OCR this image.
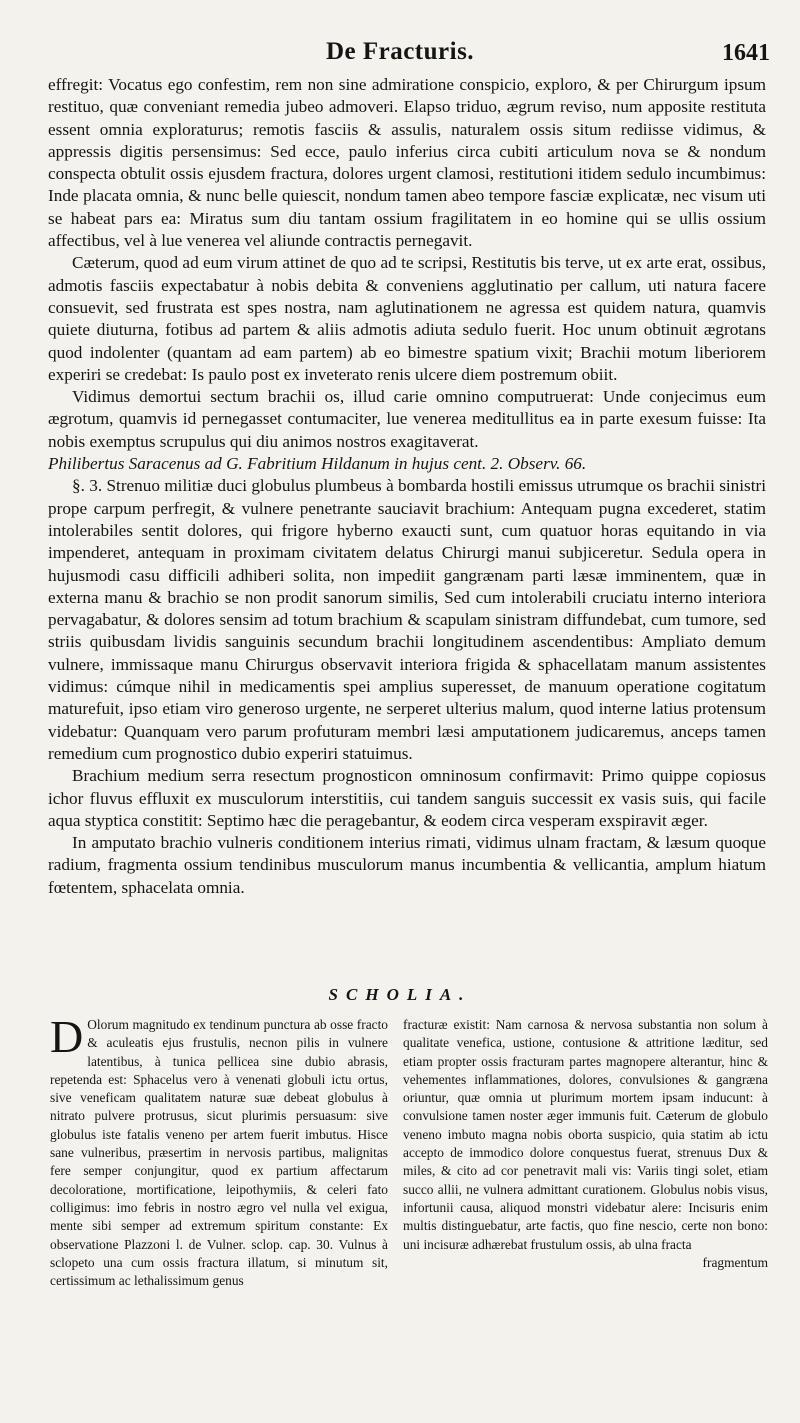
De Fracturis.	1641

effregit: Vocatus ego confestim, rem non sine admiratione conspicio, exploro, & per Chirurgum ipsum restituo, quæ conveniant remedia jubeo admoveri. Elapso triduo, ægrum reviso, num apposite restituta essent omnia exploraturus; remotis fasciis & assulis, naturalem ossis situm rediisse vidimus, & appressis digitis persensimus: Sed ecce, paulo inferius circa cubiti articulum nova se & nondum conspecta obtulit ossis ejusdem fractura, dolores urgent clamosi, restitutioni itidem sedulo incumbimus: Inde placata omnia, & nunc belle quiescit, nondum tamen abeo tempore fasciæ explicatæ, nec visum uti se habeat pars ea: Miratus sum diu tantam ossium fragilitatem in eo homine qui se ullis ossium affectibus, vel à lue venerea vel aliunde contractis pernegavit.

Cæterum, quod ad eum virum attinet de quo ad te scripsi, Restitutis bis terve, ut ex arte erat, ossibus, admotis fasciis expectabatur à nobis debita & conveniens agglutinatio per callum, uti natura facere consuevit, sed frustrata est spes nostra, nam aglutinationem ne agressa est quidem natura, quamvis quiete diuturna, fotibus ad partem & aliis admotis adiuta sedulo fuerit. Hoc unum obtinuit ægrotans quod indolenter (quantam ad eam partem) ab eo bimestre spatium vixit; Brachii motum liberiorem experiri se credebat: Is paulo post ex inveterato renis ulcere diem postremum obiit.

Vidimus demortui sectum brachii os, illud carie omnino computruerat: Unde conjecimus eum ægrotum, quamvis id pernegasset contumaciter, lue venerea meditullitus ea in parte exesum fuisse: Ita nobis exemptus scrupulus qui diu animos nostros exagitaverat.

Philibertus Saracenus ad G. Fabritium Hildanum in hujus cent. 2. Observ. 66.

§. 3. Strenuo militiæ duci globulus plumbeus à bombarda hostili emissus utrumque os brachii sinistri prope carpum perfregit, & vulnere penetrante sauciavit brachium: Antequam pugna excederet, statim intolerabiles sentit dolores, qui frigore hyberno exaucti sunt, cum quatuor horas equitando in via impenderet, antequam in proximam civitatem delatus Chirurgi manui subjiceretur. Sedula opera in hujusmodi casu difficili adhiberi solita, non impediit gangrænam parti læsæ imminentem, quæ in externa manu & brachio se non prodit sanorum similis, Sed cum intolerabili cruciatu interno interiora pervagabatur, & dolores sensim ad totum brachium & scapulam sinistram diffundebat, cum tumore, sed striis quibusdam lividis sanguinis secundum brachii longitudinem ascendentibus: Ampliato demum vulnere, immissaque manu Chirurgus observavit interiora frigida & sphacellatam manum assistentes vidimus: cúmque nihil in medicamentis spei amplius superesset, de manuum operatione cogitatum maturefuit, ipso etiam viro generoso urgente, ne serperet ulterius malum, quod interne latius protensum videbatur: Quanquam vero parum profuturam membri læsi amputationem judicaremus, anceps tamen remedium cum prognostico dubio experiri statuimus.

Brachium medium serra resectum prognosticon omninosum confirmavit: Primo quippe copiosus ichor fluvus effluxit ex musculorum interstitiis, cui tandem sanguis successit ex vasis suis, qui facile aqua styptica constitit: Septimo hæc die peragebantur, & eodem circa vesperam exspiravit æger.

In amputato brachio vulneris conditionem interius rimati, vidimus ulnam fractam, & læsum quoque radium, fragmenta ossium tendinibus musculorum manus incumbentia & vellicantia, amplum hiatum fœtentem, sphacelata omnia.

SCHOLIA.

D Olorum magnitudo ex tendinum punctura ab osse fracto & aculeatis ejus frustulis, necnon pilis in vulnere latentibus, à tunica pellicea sine dubio abrasis, repetenda est: Sphacelus vero à venenati globuli ictu ortus, sive veneficam qualitatem naturæ suæ debeat globulus à nitrato pulvere protrusus, sicut plurimis persuasum: sive globulus iste fatalis veneno per artem fuerit imbutus. Hisce sane vulneribus, præsertim in nervosis partibus, malignitas fere semper conjungitur, quod ex partium affectarum decoloratione, mortificatione, leipothymiis, & celeri fato colligimus: imo febris in nostro ægro vel nulla vel exigua, mente sibi semper ad extremum spiritum constante: Ex observatione Plazzoni l. de Vulner. sclop. cap. 30. Vulnus à sclopeto una cum ossis fractura illatum, si minutum sit, certissimum ac lethalissimum genus

fracturæ existit: Nam carnosa & nervosa substantia non solum à qualitate venefica, ustione, contusione & attritione læditur, sed etiam propter ossis fracturam partes magnopere alterantur, hinc & vehementes inflammationes, dolores, convulsiones & gangræna oriuntur, quæ omnia ut plurimum mortem ipsam inducunt: à convulsione tamen noster æger immunis fuit. Cæterum de globulo veneno imbuto magna nobis oborta suspicio, quia statim ab ictu accepto de immodico dolore conquestus fuerat, strenuus Dux & miles, & cito ad cor penetravit mali vis: Variis tingi solet, etiam succo allii, ne vulnera admittant curationem. Globulus nobis visus, infortunii causa, aliquod monstri videbatur alere: Incisuris enim multis distinguebatur, arte factis, quo fine nescio, certe non bono: uni incisuræ adhærebat frustulum ossis, ab ulna fracta

fragmentum
